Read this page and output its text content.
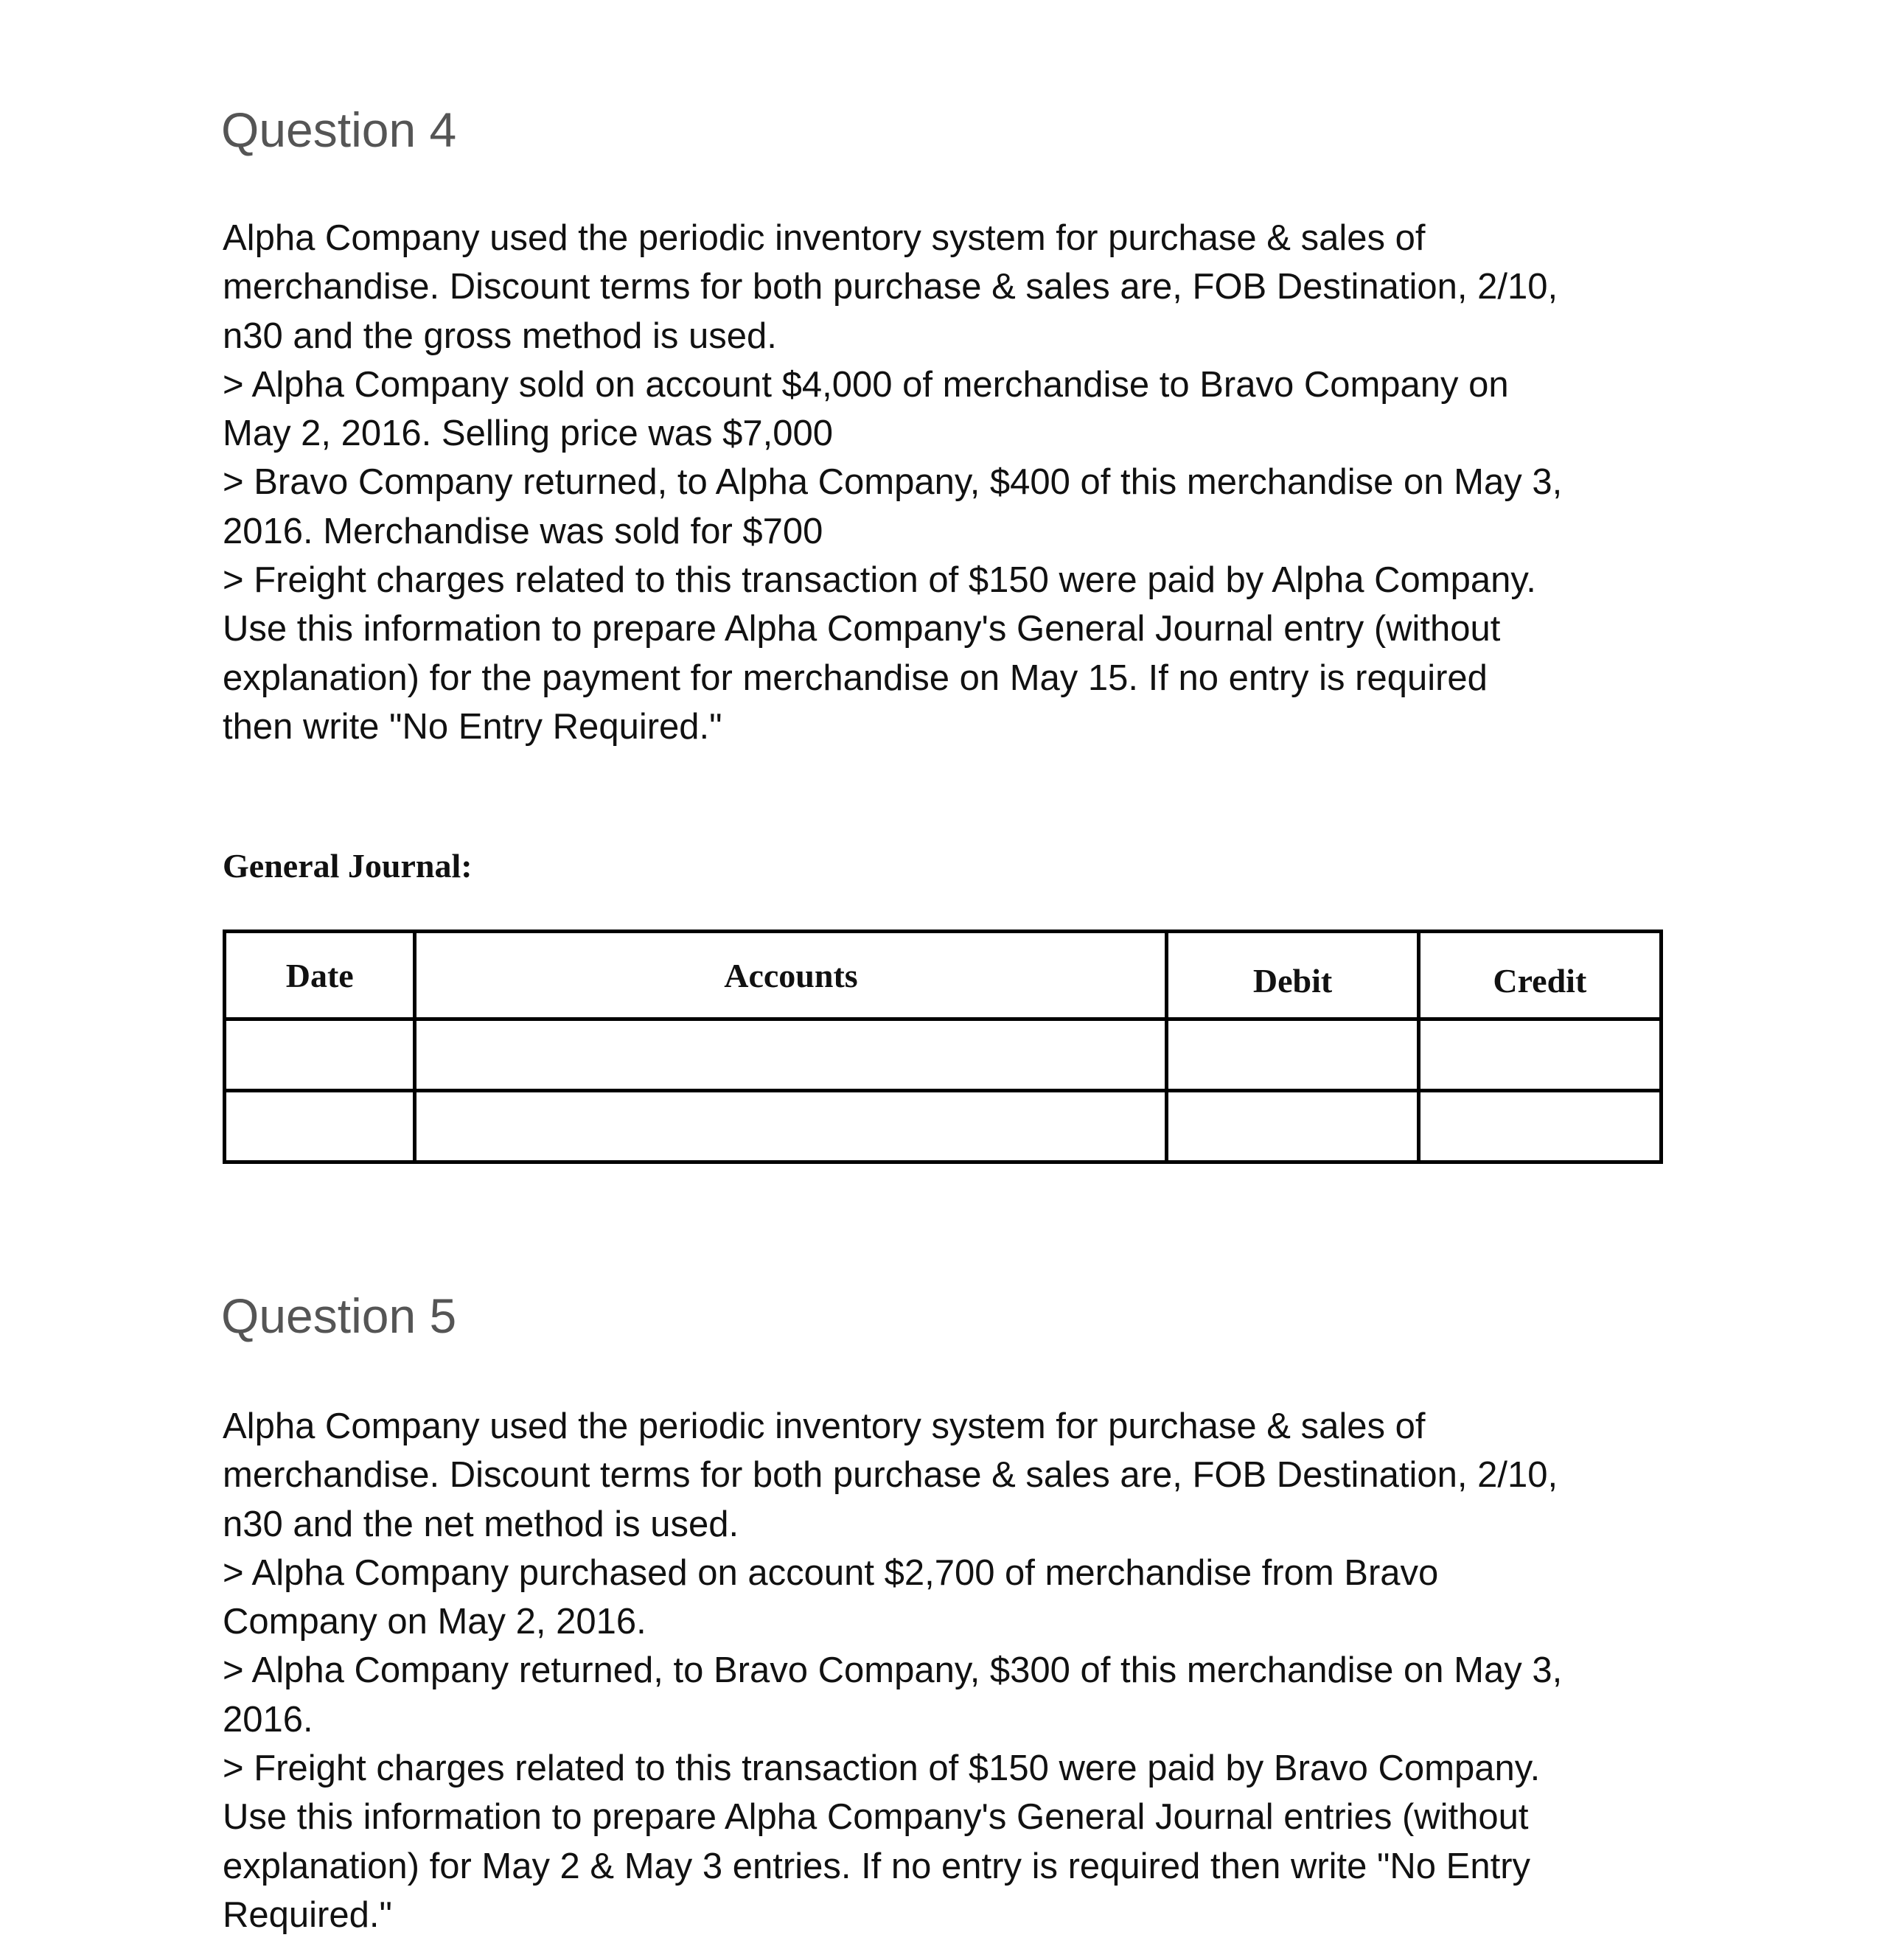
Question 4
Alpha Company used the periodic inventory system for purchase & sales of
merchandise. Discount terms for both purchase & sales are, FOB Destination, 2/10,
n30 and the gross method is used.
> Alpha Company sold on account $4,000 of merchandise to Bravo Company on
May 2, 2016. Selling price was $7,000
> Bravo Company returned, to Alpha Company, $400 of this merchandise on May 3,
2016. Merchandise was sold for $700
> Freight charges related to this transaction of $150 were paid by Alpha Company.
Use this information to prepare Alpha Company's General Journal entry (without
explanation) for the payment for merchandise on May 15. If no entry is required
then write "No Entry Required."
General Journal:
Date	Accounts	Debit	Credit

Question 5
Alpha Company used the periodic inventory system for purchase & sales of
merchandise. Discount terms for both purchase & sales are, FOB Destination, 2/10,
n30 and the net method is used.
> Alpha Company purchased on account $2,700 of merchandise from Bravo
Company on May 2, 2016.
> Alpha Company returned, to Bravo Company, $300 of this merchandise on May 3,
2016.
> Freight charges related to this transaction of $150 were paid by Bravo Company.
Use this information to prepare Alpha Company's General Journal entries (without
explanation) for May 2 & May 3 entries. If no entry is required then write "No Entry
Required."
